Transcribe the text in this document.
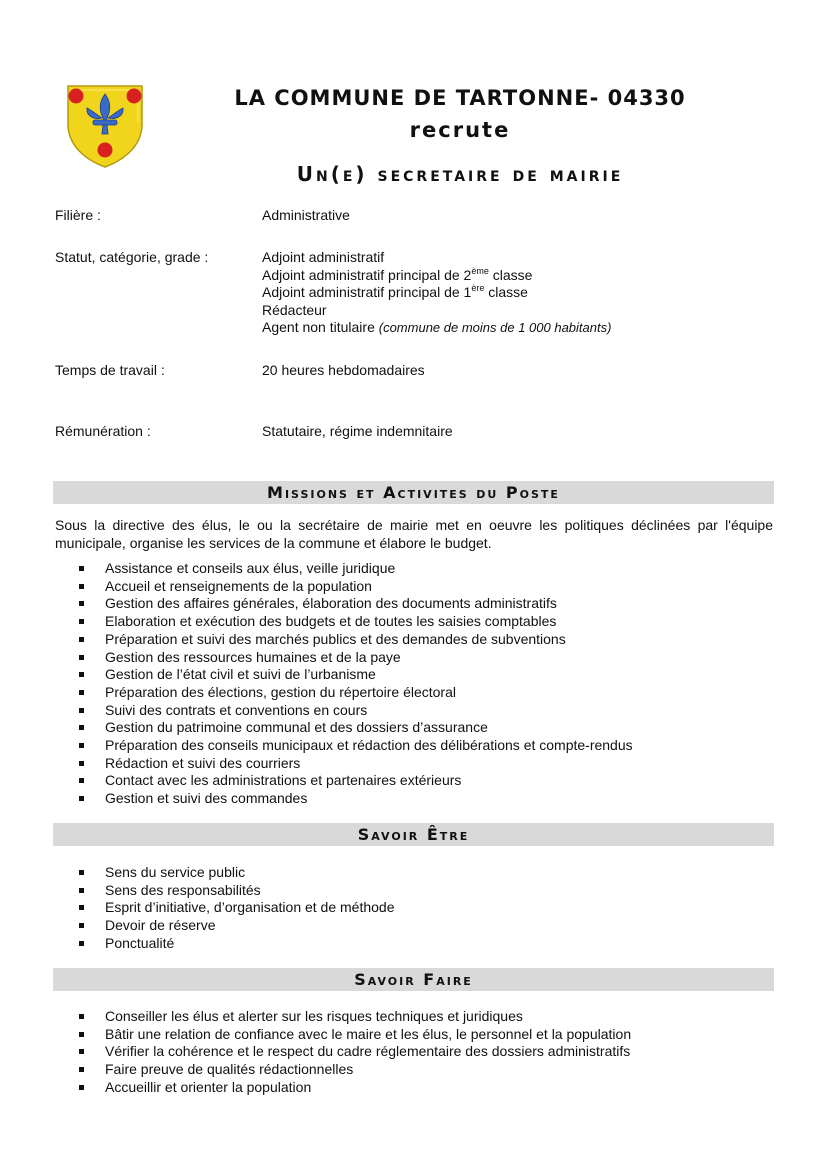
LA COMMUNE DE TARTONNE- 04330
recrute
Un(e) secretaire de mairie
Filière :	Administrative
Statut, catégorie, grade :	Adjoint administratif
Adjoint administratif principal de 2ème classe
Adjoint administratif principal de 1ère classe
Rédacteur
Agent non titulaire (commune de moins de 1 000 habitants)
Temps de travail :	20 heures hebdomadaires
Rémunération :	Statutaire, régime indemnitaire
Missions et Activites du Poste
Sous la directive des élus, le ou la secrétaire de mairie met en oeuvre les politiques déclinées par l'équipe municipale, organise les services de la commune et élabore le budget.
Assistance et conseils aux élus, veille juridique
Accueil et renseignements de la population
Gestion des affaires générales, élaboration des documents administratifs
Elaboration et exécution des budgets et de toutes les saisies comptables
Préparation et suivi des marchés publics et des demandes de subventions
Gestion des ressources humaines et de la paye
Gestion de l’état civil et suivi de l’urbanisme
Préparation des élections, gestion du répertoire électoral
Suivi des contrats et conventions en cours
Gestion du patrimoine communal et des dossiers d’assurance
Préparation des conseils municipaux et rédaction des délibérations et compte-rendus
Rédaction et suivi des courriers
Contact avec les administrations et partenaires extérieurs
Gestion et suivi des commandes
Savoir Être
Sens du service public
Sens des responsabilités
Esprit d’initiative, d’organisation et de méthode
Devoir de réserve
Ponctualité
Savoir Faire
Conseiller les élus et alerter sur les risques techniques et juridiques
Bâtir une relation de confiance avec le maire et les élus, le personnel et la population
Vérifier la cohérence et le respect du cadre réglementaire des dossiers administratifs
Faire preuve de qualités rédactionnelles
Accueillir et orienter la population
